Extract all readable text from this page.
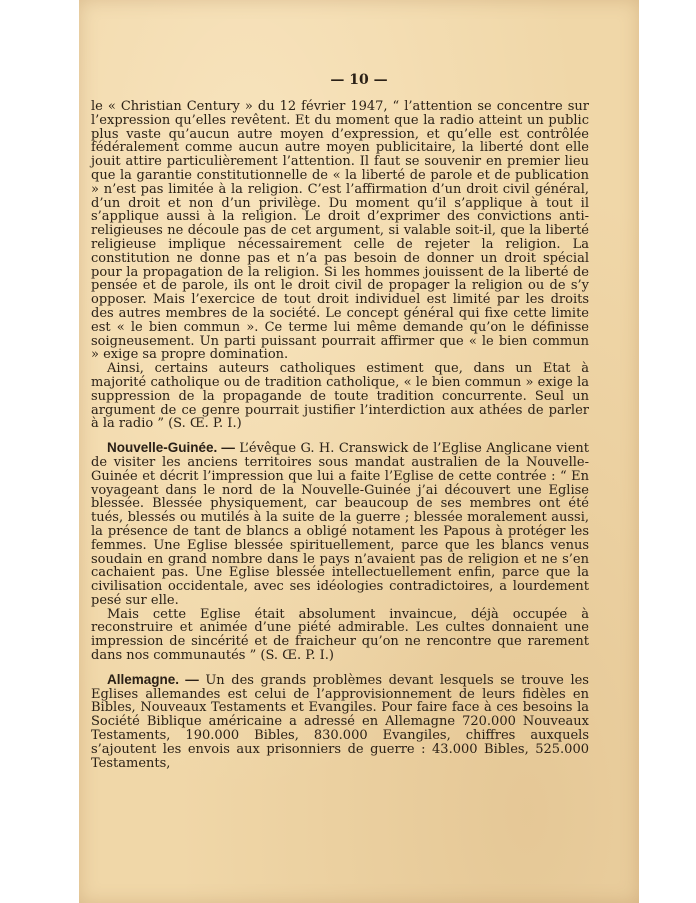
— 10 —

le « Christian Century » du 12 février 1947, “ l’attention se concentre sur l’expression qu’elles revêtent. Et du moment que la radio atteint un public plus vaste qu’aucun autre moyen d’expression, et qu’elle est contrôlée fédéralement comme aucun autre moyen publicitaire, la liberté dont elle jouit attire particulièrement l’attention. Il faut se souvenir en premier lieu que la garantie constitutionnelle de « la liberté de parole et de publication » n’est pas limitée à la religion. C’est l’affirmation d’un droit civil général, d’un droit et non d’un privilège. Du moment qu’il s’applique à tout il s’applique aussi à la religion. Le droit d’exprimer des convictions anti-religieuses ne découle pas de cet argument, si valable soit-il, que la liberté religieuse implique nécessairement celle de rejeter la religion. La constitution ne donne pas et n’a pas besoin de donner un droit spécial pour la propagation de la religion. Si les hommes jouissent de la liberté de pensée et de parole, ils ont le droit civil de propager la religion ou de s’y opposer. Mais l’exercice de tout droit individuel est limité par les droits des autres membres de la société. Le concept général qui fixe cette limite est « le bien commun ». Ce terme lui même demande qu’on le définisse soigneusement. Un parti puissant pourrait affirmer que « le bien commun » exige sa propre domination.

Ainsi, certains auteurs catholiques estiment que, dans un Etat à majorité catholique ou de tradition catholique, « le bien commun » exige la suppression de la propagande de toute tradition concurrente. Seul un argument de ce genre pourrait justifier l’interdiction aux athées de parler à la radio ” (S. Œ. P. I.)

Nouvelle-Guinée. — L’évêque G. H. Cranswick de l’Eglise Anglicane vient de visiter les anciens territoires sous mandat australien de la Nouvelle-Guinée et décrit l’impression que lui a faite l’Eglise de cette contrée : “ En voyageant dans le nord de la Nouvelle-Guinée j’ai découvert une Eglise blessée. Blessée physiquement, car beaucoup de ses membres ont été tués, blessés ou mutilés à la suite de la guerre ; blessée moralement aussi, la présence de tant de blancs a obligé notament les Papous à protéger les femmes. Une Eglise blessée spirituellement, parce que les blancs venus soudain en grand nombre dans le pays n’avaient pas de religion et ne s’en cachaient pas. Une Eglise blessée intellectuellement enfin, parce que la civilisation occidentale, avec ses idéologies contradictoires, a lourdement pesé sur elle.

Mais cette Eglise était absolument invaincue, déjà occupée à reconstruire et animée d’une piété admirable. Les cultes donnaient une impression de sincérité et de fraicheur qu’on ne rencontre que rarement dans nos communautés ” (S. Œ. P. I.)

Allemagne. — Un des grands problèmes devant lesquels se trouve les Eglises allemandes est celui de l’approvisionnement de leurs fidèles en Bibles, Nouveaux Testaments et Evangiles. Pour faire face à ces besoins la Société Biblique américaine a adressé en Allemagne 720.000 Nouveaux Testaments, 190.000 Bibles, 830.000 Evangiles, chiffres auxquels s’ajoutent les envois aux prisonniers de guerre : 43.000 Bibles, 525.000 Testaments,
